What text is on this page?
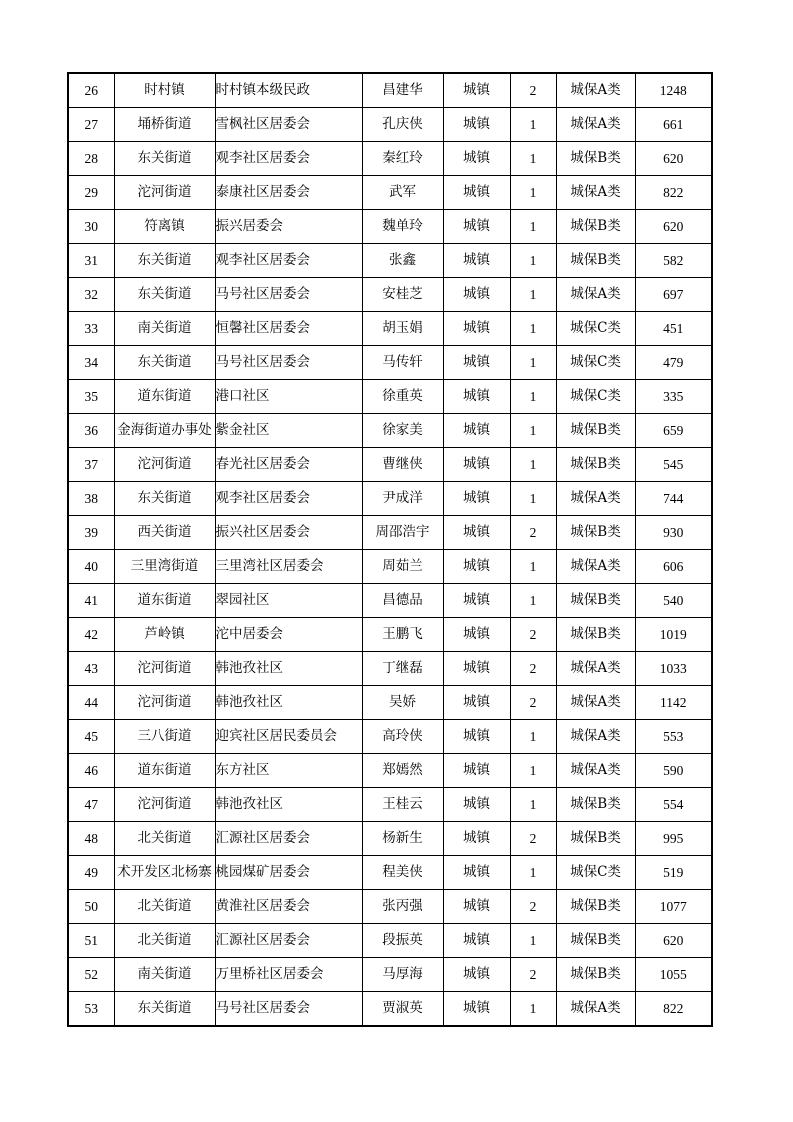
26	时村镇	时村镇本级民政	昌建华	城镇	2	城保A类	1248
27	埇桥街道	雪枫社区居委会	孔庆侠	城镇	1	城保A类	661
28	东关街道	观李社区居委会	秦红玲	城镇	1	城保B类	620
29	沱河街道	泰康社区居委会	武军	城镇	1	城保A类	822
30	符离镇	振兴居委会	魏单玲	城镇	1	城保B类	620
31	东关街道	观李社区居委会	张鑫	城镇	1	城保B类	582
32	东关街道	马号社区居委会	安桂芝	城镇	1	城保A类	697
33	南关街道	恒馨社区居委会	胡玉娟	城镇	1	城保C类	451
34	东关街道	马号社区居委会	马传轩	城镇	1	城保C类	479
35	道东街道	港口社区	徐重英	城镇	1	城保C类	335
36	金海街道办事处	紫金社区	徐家美	城镇	1	城保B类	659
37	沱河街道	春光社区居委会	曹继侠	城镇	1	城保B类	545
38	东关街道	观李社区居委会	尹成洋	城镇	1	城保A类	744
39	西关街道	振兴社区居委会	周邵浩宇	城镇	2	城保B类	930
40	三里湾街道	三里湾社区居委会	周茹兰	城镇	1	城保A类	606
41	道东街道	翠园社区	昌德品	城镇	1	城保B类	540
42	芦岭镇	沱中居委会	王鹏飞	城镇	2	城保B类	1019
43	沱河街道	韩池孜社区	丁继磊	城镇	2	城保A类	1033
44	沱河街道	韩池孜社区	吴娇	城镇	2	城保A类	1142
45	三八街道	迎宾社区居民委员会	高玲侠	城镇	1	城保A类	553
46	道东街道	东方社区	郑嫣然	城镇	1	城保A类	590
47	沱河街道	韩池孜社区	王桂云	城镇	1	城保B类	554
48	北关街道	汇源社区居委会	杨新生	城镇	2	城保B类	995
49	术开发区北杨寨	桃园煤矿居委会	程美侠	城镇	1	城保C类	519
50	北关街道	黄淮社区居委会	张丙强	城镇	2	城保B类	1077
51	北关街道	汇源社区居委会	段振英	城镇	1	城保B类	620
52	南关街道	万里桥社区居委会	马厚海	城镇	2	城保B类	1055
53	东关街道	马号社区居委会	贾淑英	城镇	1	城保A类	822
